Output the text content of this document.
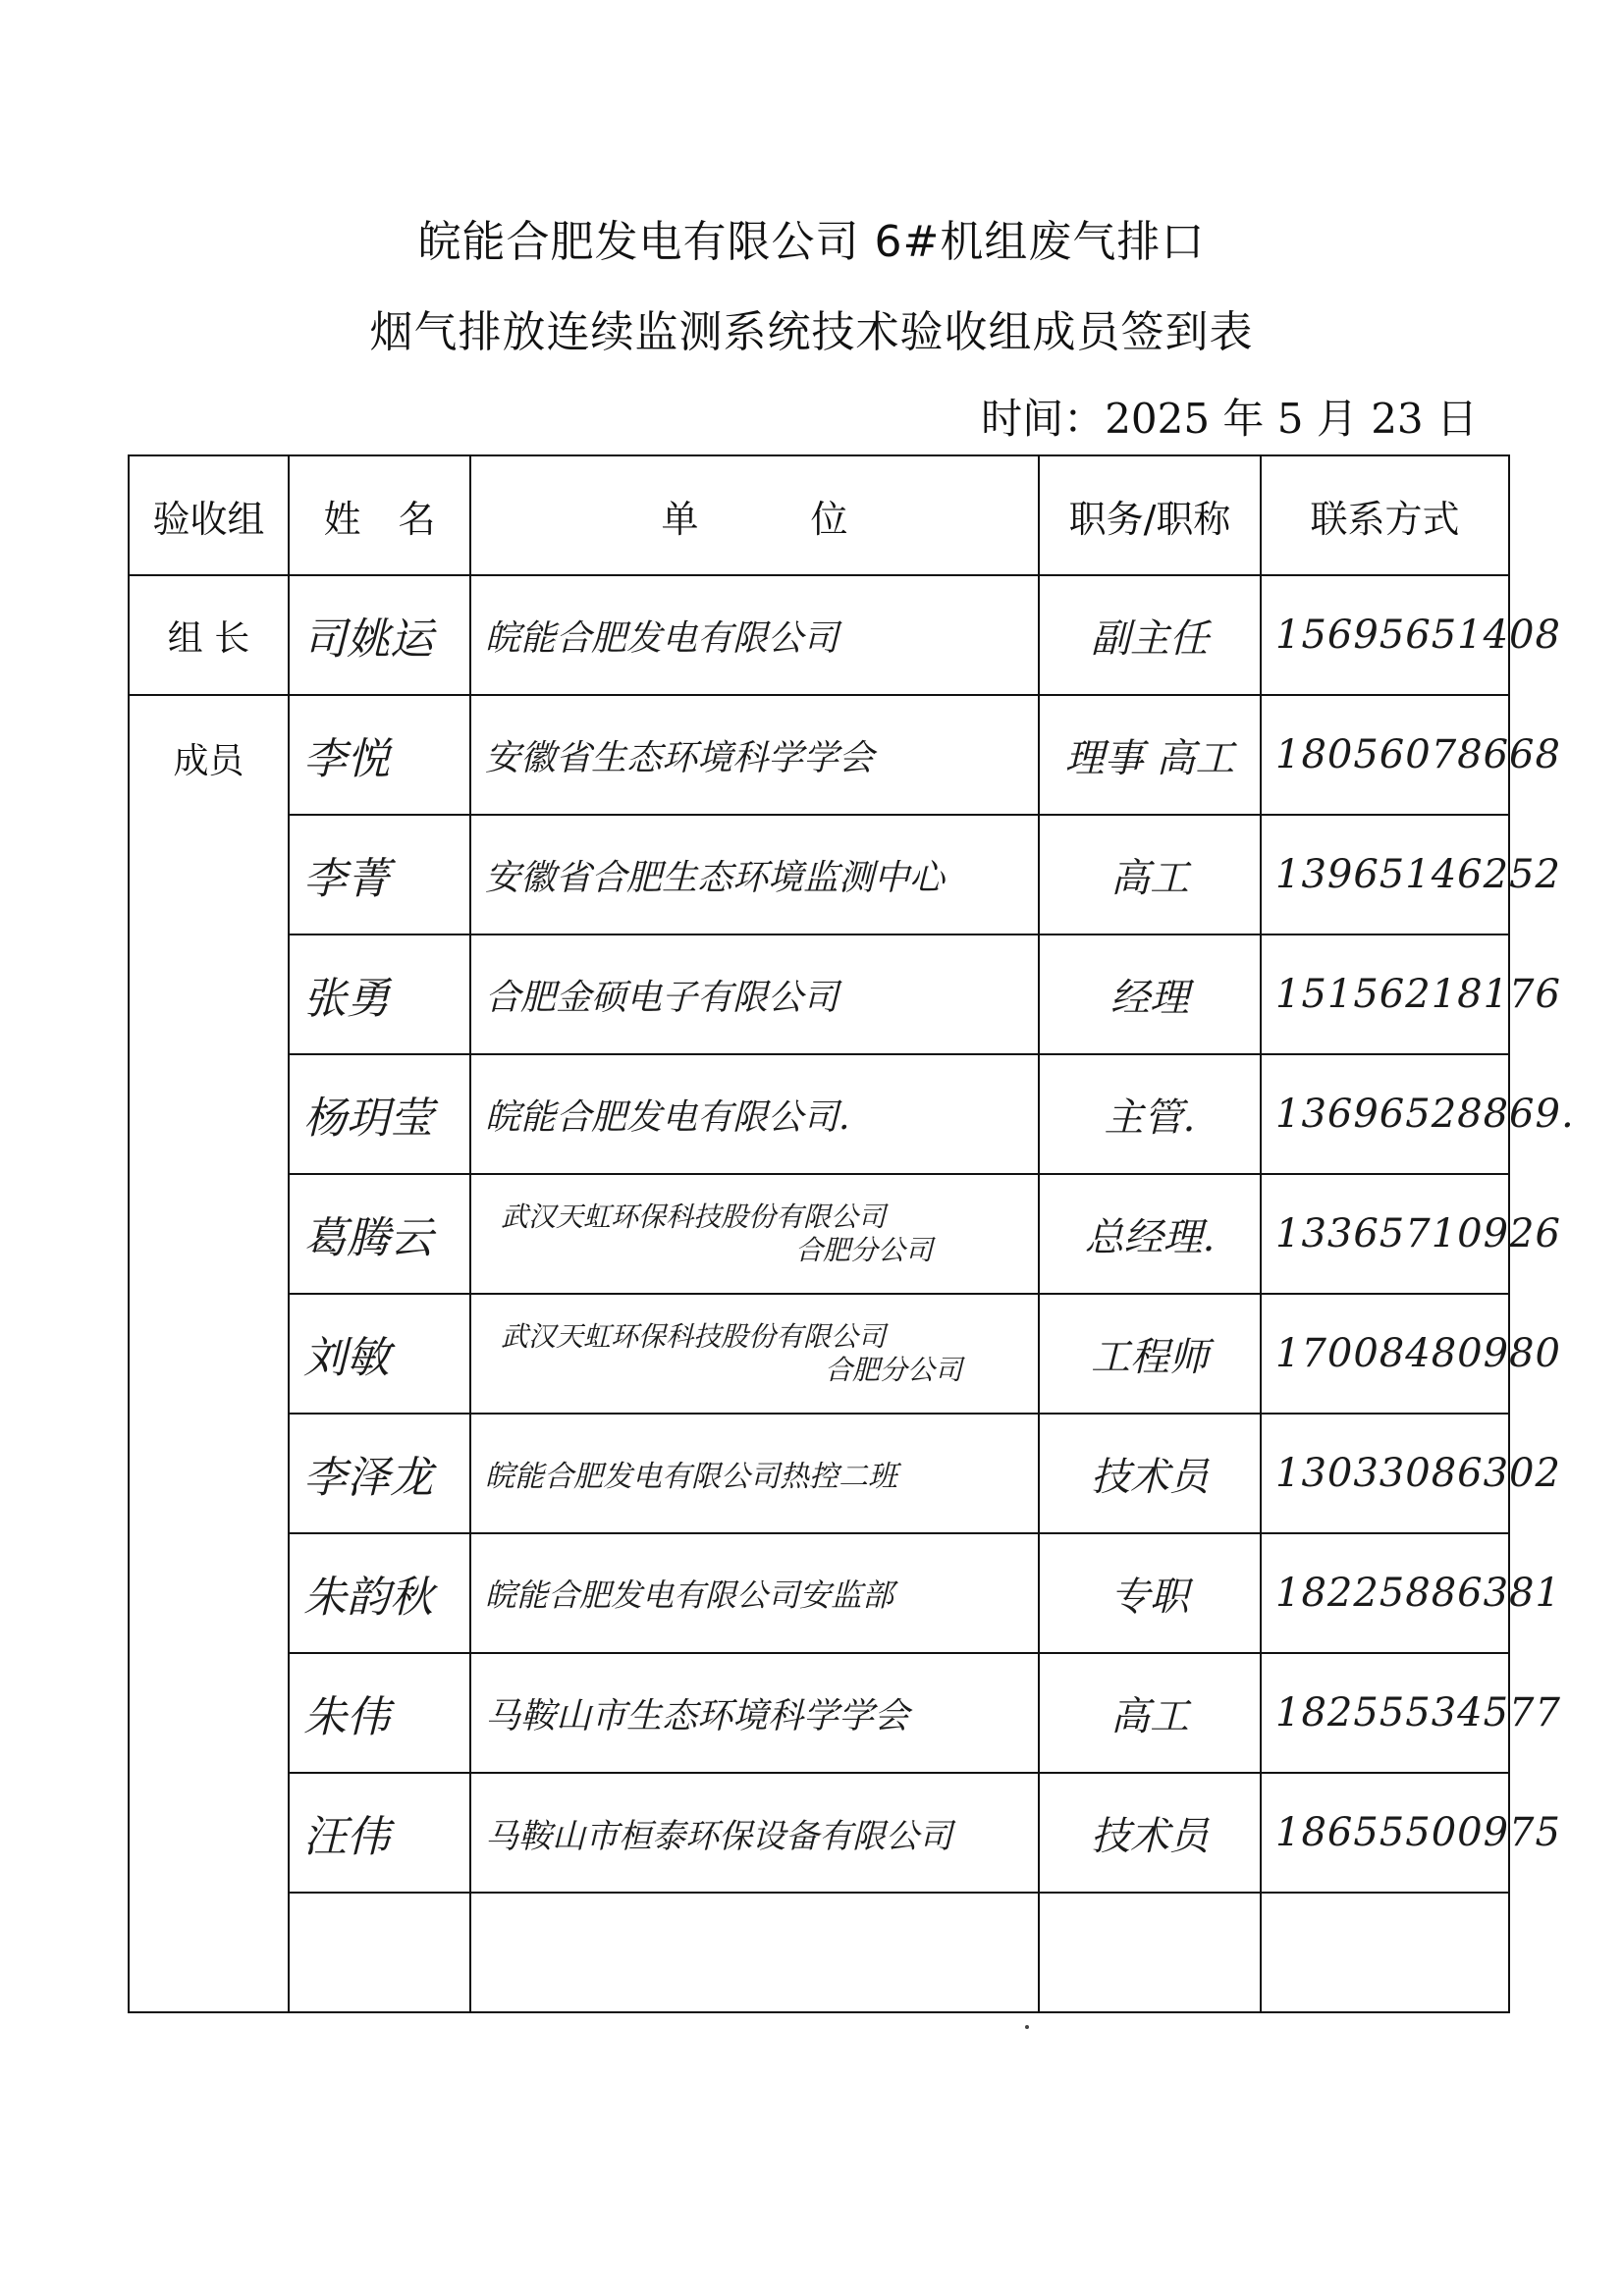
皖能合肥发电有限公司 6#机组废气排口
烟气排放连续监测系统技术验收组成员签到表
时间：2025 年 5 月 23 日
验收组	姓　名	单　　　位	职务/职称	联系方式
组 长	司姚运	皖能合肥发电有限公司	副主任	15695651408
成员	李悦	安徽省生态环境科学学会	理事 高工	18056078668
	李菁	安徽省合肥生态环境监测中心	高工	13965146252
	张勇	合肥金硕电子有限公司	经理	15156218176
	杨玥莹	皖能合肥发电有限公司.	主管.	13696528869.
	葛腾云	武汉天虹环保科技股份有限公司
合肥分公司	总经理.	13365710926
	刘敏	武汉天虹环保科技股份有限公司
合肥分公司	工程师	17008480980
	李泽龙	皖能合肥发电有限公司热控二班	技术员	13033086302
	朱韵秋	皖能合肥发电有限公司安监部	专职	18225886381
	朱伟	马鞍山市生态环境科学学会	高工	18255534577
	汪伟	马鞍山市桓泰环保设备有限公司	技术员	18655500975
